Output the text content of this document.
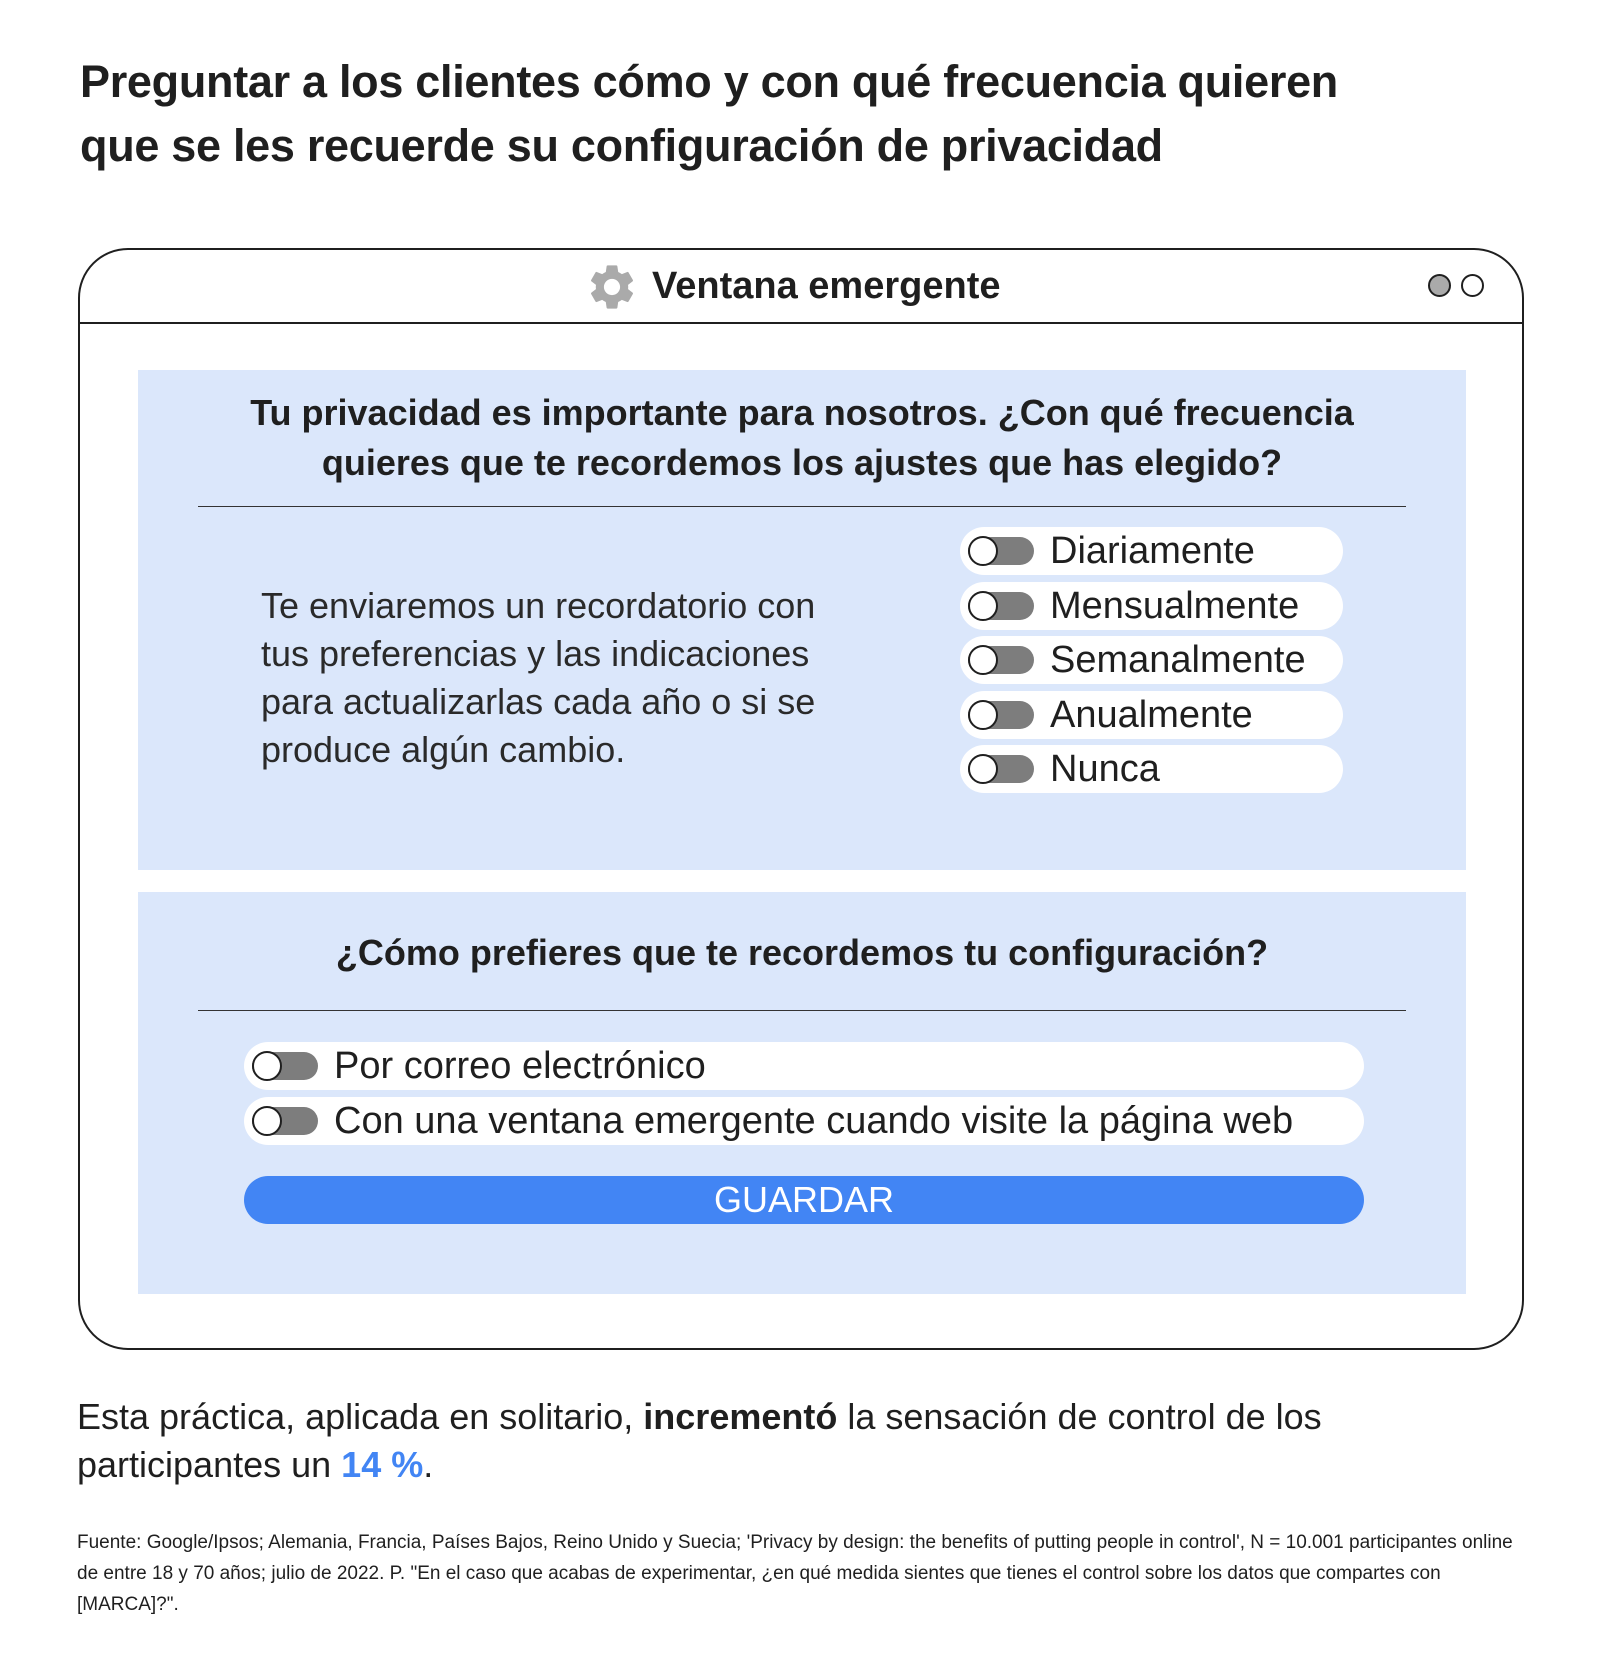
Preguntar a los clientes cómo y con qué frecuencia quieren
que se les recuerde su configuración de privacidad
Ventana emergente
Tu privacidad es importante para nosotros. ¿Con qué frecuencia
quieres que te recordemos los ajustes que has elegido?
Te enviaremos un recordatorio con
tus preferencias y las indicaciones
para actualizarlas cada año o si se
produce algún cambio.
Diariamente
Mensualmente
Semanalmente
Anualmente
Nunca
¿Cómo prefieres que te recordemos tu configuración?
Por correo electrónico
Con una ventana emergente cuando visite la página web
GUARDAR

Esta práctica, aplicada en solitario, incrementó la sensación de control de los participantes un 14 %.

Fuente: Google/Ipsos; Alemania, Francia, Países Bajos, Reino Unido y Suecia; 'Privacy by design: the benefits of putting people in control', N = 10.001 participantes online de entre 18 y 70 años; julio de 2022. P. "En el caso que acabas de experimentar, ¿en qué medida sientes que tienes el control sobre los datos que compartes con [MARCA]?".
